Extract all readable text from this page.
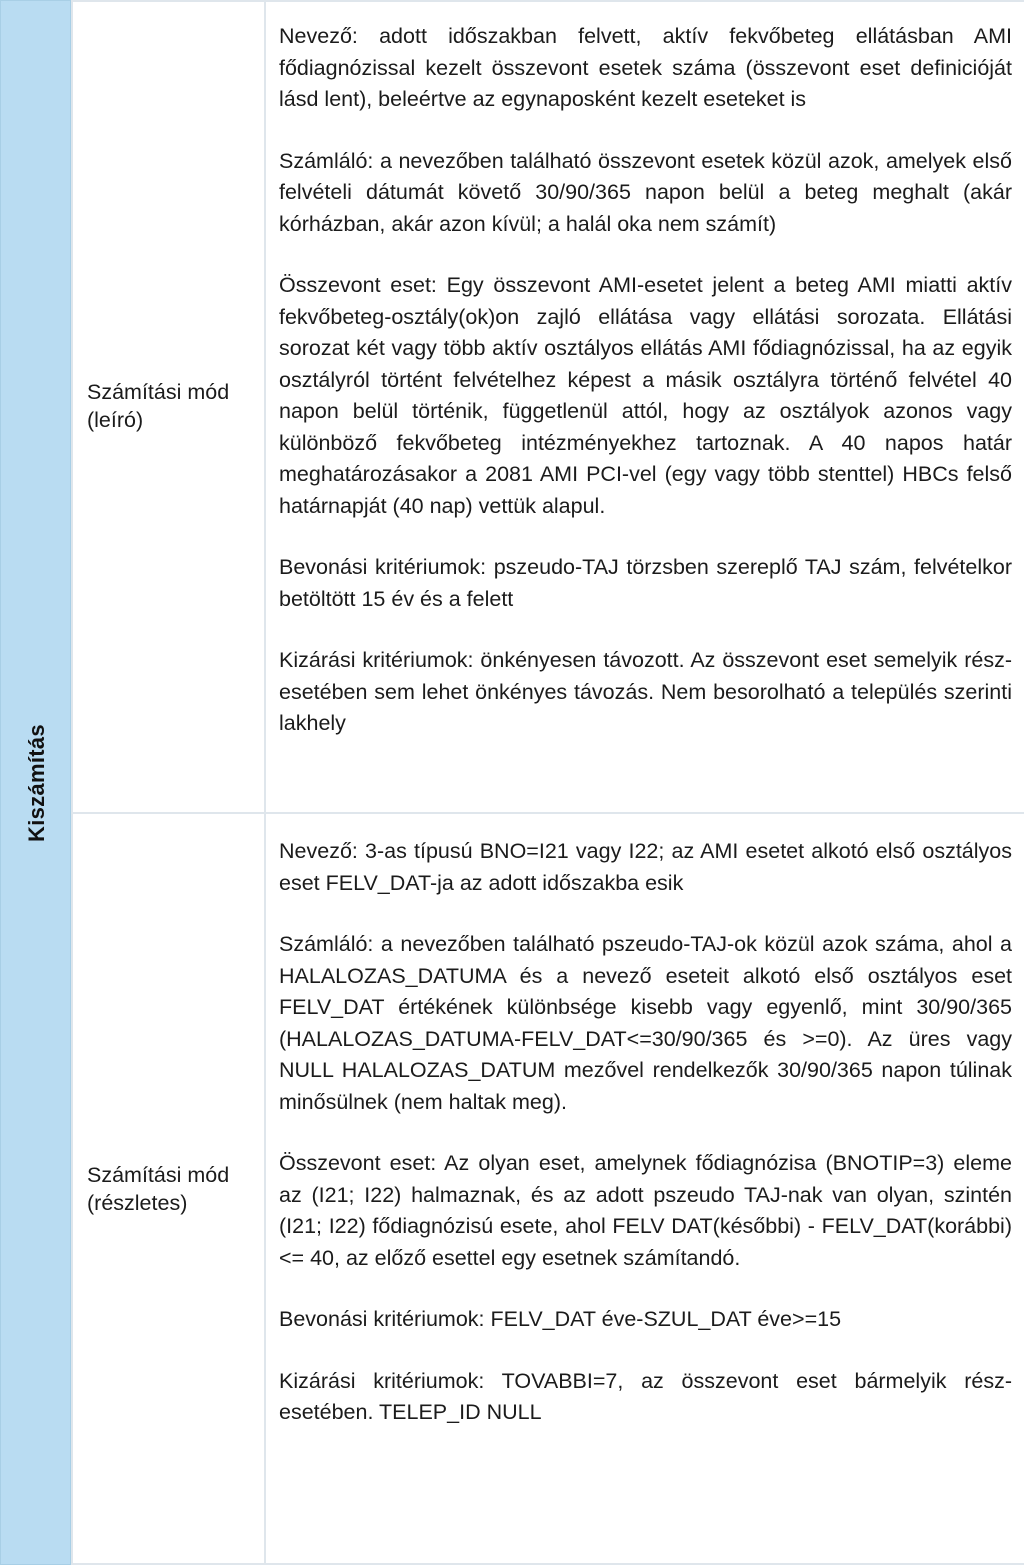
Kiszámítás
Számítási mód
(leíró)

Nevező: adott időszakban felvett, aktív fekvőbeteg ellátásban AMI fődiagnózissal kezelt összevont esetek száma (összevont eset definicióját lásd lent), beleértve az egynaposként kezelt eseteket is

Számláló: a nevezőben található összevont esetek közül azok, amelyek első felvételi dátumát követő 30/90/365 napon belül a beteg meghalt (akár kórházban, akár azon kívül; a halál oka nem számít)

Összevont eset: Egy összevont AMI-esetet jelent a beteg AMI miatti aktív fekvőbeteg-osztály(ok)on zajló ellátása vagy ellátási sorozata. Ellátási sorozat két vagy több aktív osztályos ellátás AMI fődiagnózissal, ha az egyik osztályról történt felvételhez képest a másik osztályra történő felvétel 40 napon belül történik, függetlenül attól, hogy az osztályok azonos vagy különböző fekvőbeteg intézményekhez tartoznak. A 40 napos határ meghatározásakor a 2081 AMI PCI-vel (egy vagy több stenttel) HBCs felső határnapját (40 nap) vettük alapul.

Bevonási kritériumok: pszeudo-TAJ törzsben szereplő TAJ szám, felvételkor betöltött 15 év és a felett

Kizárási kritériumok: önkényesen távozott. Az összevont eset semelyik rész-esetében sem lehet önkényes távozás. Nem besorolható a település szerinti lakhely

Számítási mód
(részletes)

Nevező: 3-as típusú BNO=I21 vagy I22; az AMI esetet alkotó első osztályos eset FELV_DAT-ja az adott időszakba esik

Számláló: a nevezőben található pszeudo-TAJ-ok közül azok száma, ahol a HALALOZAS_DATUMA és a nevező eseteit alkotó első osztályos eset FELV_DAT értékének különbsége kisebb vagy egyenlő, mint 30/90/365 (HALALOZAS_DATUMA-FELV_DAT<=30/90/365 és >=0). Az üres vagy NULL HALALOZAS_DATUM mezővel rendelkezők 30/90/365 napon túlinak minősülnek (nem haltak meg).

Összevont eset: Az olyan eset, amelynek fődiagnózisa (BNOTIP=3) eleme az (I21; I22) halmaznak, és az adott pszeudo TAJ-nak van olyan, szintén (I21; I22) fődiagnózisú esete, ahol FELV DAT(későbbi) - FELV_DAT(korábbi) <= 40, az előző esettel egy esetnek számítandó.

Bevonási kritériumok: FELV_DAT éve-SZUL_DAT éve>=15

Kizárási kritériumok: TOVABBI=7, az összevont eset bármelyik rész-esetében. TELEP_ID NULL
